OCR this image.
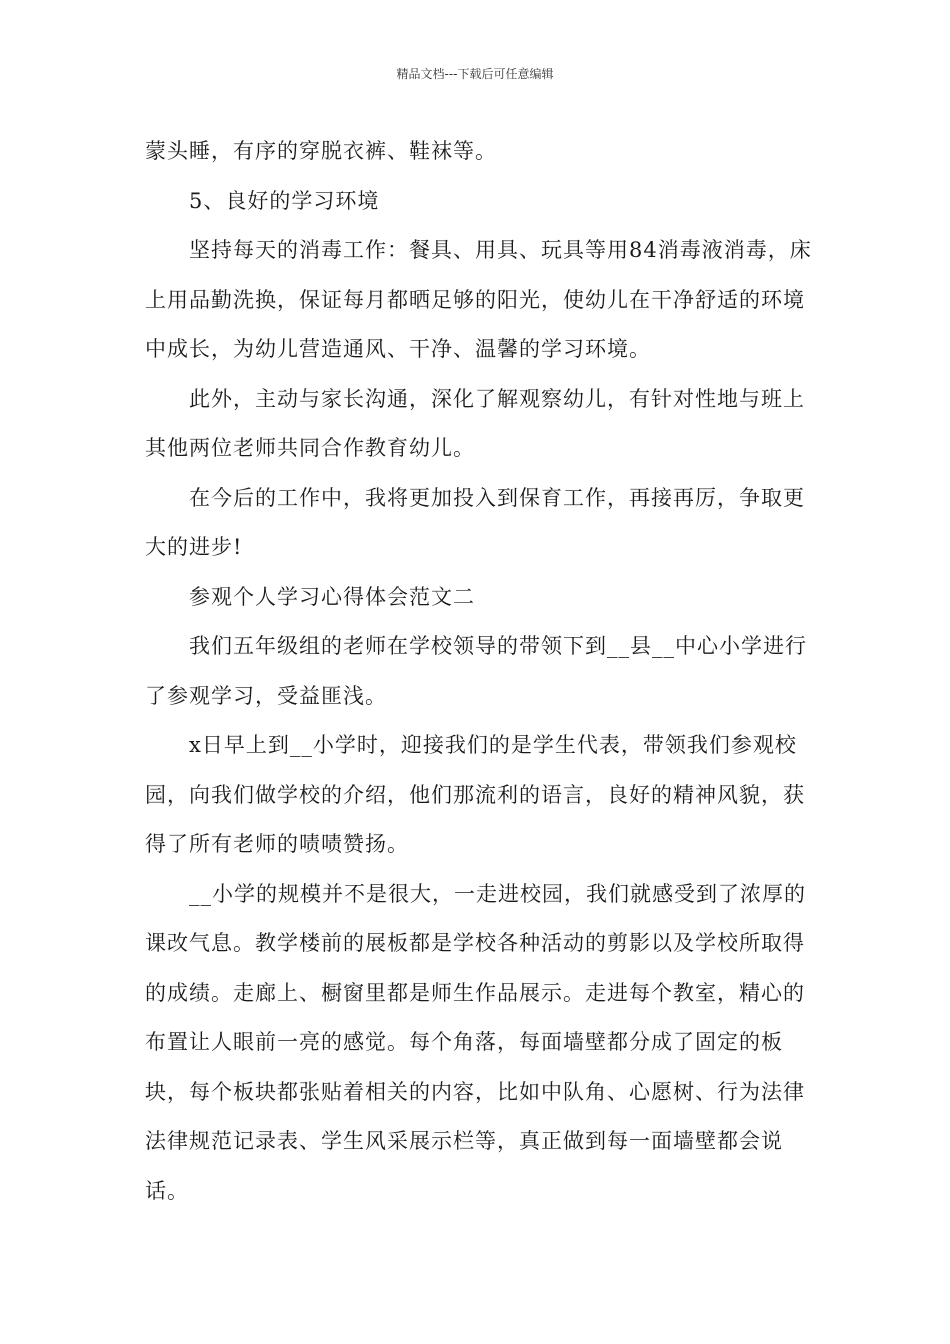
精品文档---下载后可任意编辑

蒙头睡，有序的穿脱衣裤、鞋袜等。

5、良好的学习环境

坚持每天的消毒工作：餐具、用具、玩具等用84消毒液消毒，床上用品勤洗换，保证每月都晒足够的阳光，使幼儿在干净舒适的环境中成长，为幼儿营造通风、干净、温馨的学习环境。

此外，主动与家长沟通，深化了解观察幼儿，有针对性地与班上其他两位老师共同合作教育幼儿。

在今后的工作中，我将更加投入到保育工作，再接再厉，争取更大的进步!

参观个人学习心得体会范文二

我们五年级组的老师在学校领导的带领下到__县__中心小学进行了参观学习，受益匪浅。

x日早上到__小学时，迎接我们的是学生代表，带领我们参观校园，向我们做学校的介绍，他们那流利的语言，良好的精神风貌，获得了所有老师的啧啧赞扬。

__小学的规模并不是很大，一走进校园，我们就感受到了浓厚的课改气息。教学楼前的展板都是学校各种活动的剪影以及学校所取得的成绩。走廊上、橱窗里都是师生作品展示。走进每个教室，精心的布置让人眼前一亮的感觉。每个角落，每面墙壁都分成了固定的板块，每个板块都张贴着相关的内容，比如中队角、心愿树、行为法律法律规范记录表、学生风采展示栏等，真正做到每一面墙壁都会说话。
